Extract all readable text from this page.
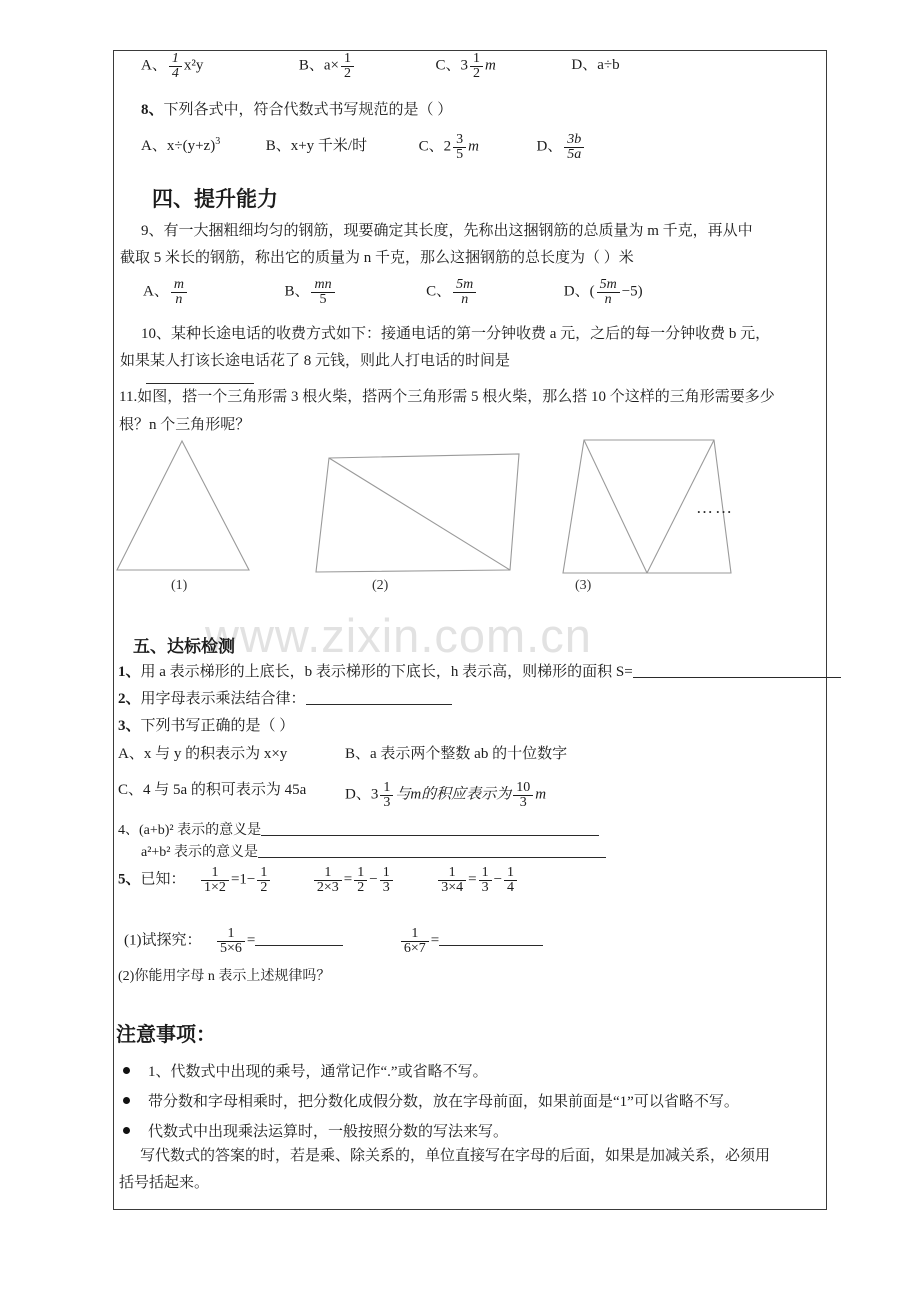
www.zixin.com.cn
A、 $\frac{1}{4} x^2y$	B、$a\times \frac{1}{2}$	C、$3 \frac{1}{2}$ m	D、a÷b
8、下列各式中，符合代数式书写规范的是（ ）
A、$x\div(y+z)^3$	B、x+y 千米/时	C、$2 \frac{3}{5}$ m	D、 $\frac{3b}{5a}$
四、提升能力
9、有一大捆粗细均匀的钢筋，现要确定其长度，先称出这捆钢筋的总质量为 m 千克，再从中
截取 5 米长的钢筋，称出它的质量为 n 千克，那么这捆钢筋的总长度为（ ）米
A、 $\frac{m}{n}$	B、 $\frac{mn}{5}$	C、 $\frac{5m}{n}$	D、( $\frac{5m}{n} -5$)
10、某种长途电话的收费方式如下：接通电话的第一分钟收费 a 元，之后的每一分钟收费 b 元，
如果某人打该长途电话花了 8 元钱，则此人打电话的时间是
11.如图，搭一个三角形需 3 根火柴，搭两个三角形需 5 根火柴，那么搭 10 个这样的三角形需要多少
根？n 个三角形呢？
(1)	(2)	(3)
……
五、达标检测
1、用 a 表示梯形的上底长，b 表示梯形的下底长，h 表示高，则梯形的面积 S=
2、用字母表示乘法结合律：
3、下列书写正确的是（ ）
A、x 与 y 的积表示为 x×y	B、a 表示两个整数 ab 的十位数字
C、4 与 5a 的积可表示为 45a	D、$3 \frac{1}{3}$ 与m的积应表示为 $\frac{10}{3}$ m
4、(a+b)² 表示的意义是
a²+b² 表示的意义是
5、已知： $\frac{1}{1\times 2} =1- \frac{1}{2}$
	$\frac{1}{2\times 3} = \frac{1}{2} - \frac{1}{3}$
	$\frac{1}{3\times 4} = \frac{1}{3} - \frac{1}{4}$
(1)试探究： $\frac{1}{5\times 6}$ =	$\frac{1}{6\times 7}$ =
(2)你能用字母 n 表示上述规律吗？
注意事项：
1、代数式中出现的乘号，通常记作“.”或省略不写。
带分数和字母相乘时，把分数化成假分数，放在字母前面，如果前面是“1”可以省略不写。
代数式中出现乘法运算时，一般按照分数的写法来写。
写代数式的答案的时，若是乘、除关系的，单位直接写在字母的后面，如果是加减关系，必须用
括号括起来。
